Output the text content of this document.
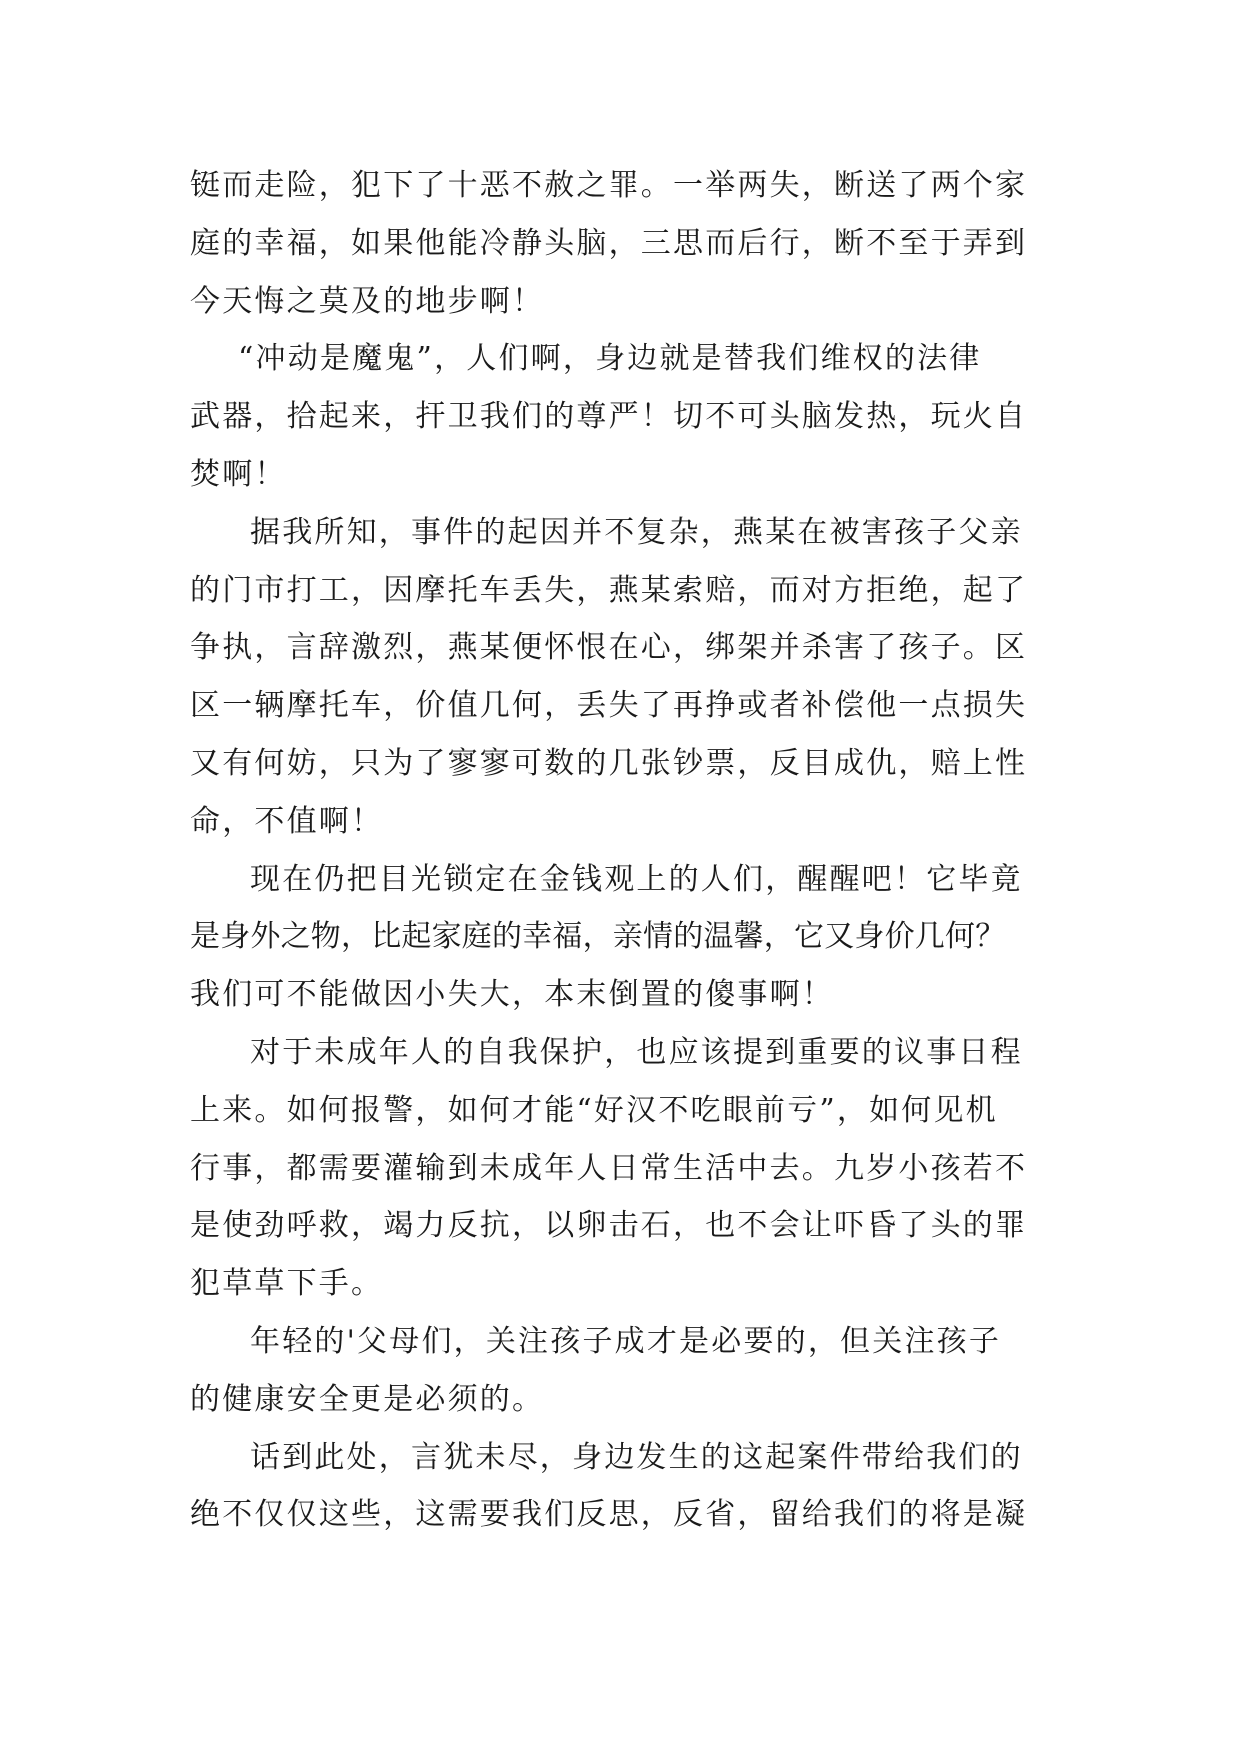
铤而走险，犯下了十恶不赦之罪。一举两失，断送了两个家
庭的幸福，如果他能冷静头脑，三思而后行，断不至于弄到
今天悔之莫及的地步啊！
“冲动是魔鬼”，人们啊，身边就是替我们维权的法律
武器，拾起来，扞卫我们的尊严！切不可头脑发热，玩火自
焚啊！
据我所知，事件的起因并不复杂，燕某在被害孩子父亲
的门市打工，因摩托车丢失，燕某索赔，而对方拒绝，起了
争执，言辞激烈，燕某便怀恨在心，绑架并杀害了孩子。区
区一辆摩托车，价值几何，丢失了再挣或者补偿他一点损失
又有何妨，只为了寥寥可数的几张钞票，反目成仇，赔上性
命，不值啊！
现在仍把目光锁定在金钱观上的人们，醒醒吧！它毕竟
是身外之物，比起家庭的幸福，亲情的温馨，它又身价几何？
我们可不能做因小失大，本末倒置的傻事啊！
对于未成年人的自我保护，也应该提到重要的议事日程
上来。如何报警，如何才能“好汉不吃眼前亏”，如何见机
行事，都需要灌输到未成年人日常生活中去。九岁小孩若不
是使劲呼救，竭力反抗，以卵击石，也不会让吓昏了头的罪
犯草草下手。
年轻的'父母们，关注孩子成才是必要的，但关注孩子
的健康安全更是必须的。
话到此处，言犹未尽，身边发生的这起案件带给我们的
绝不仅仅这些，这需要我们反思，反省，留给我们的将是凝
